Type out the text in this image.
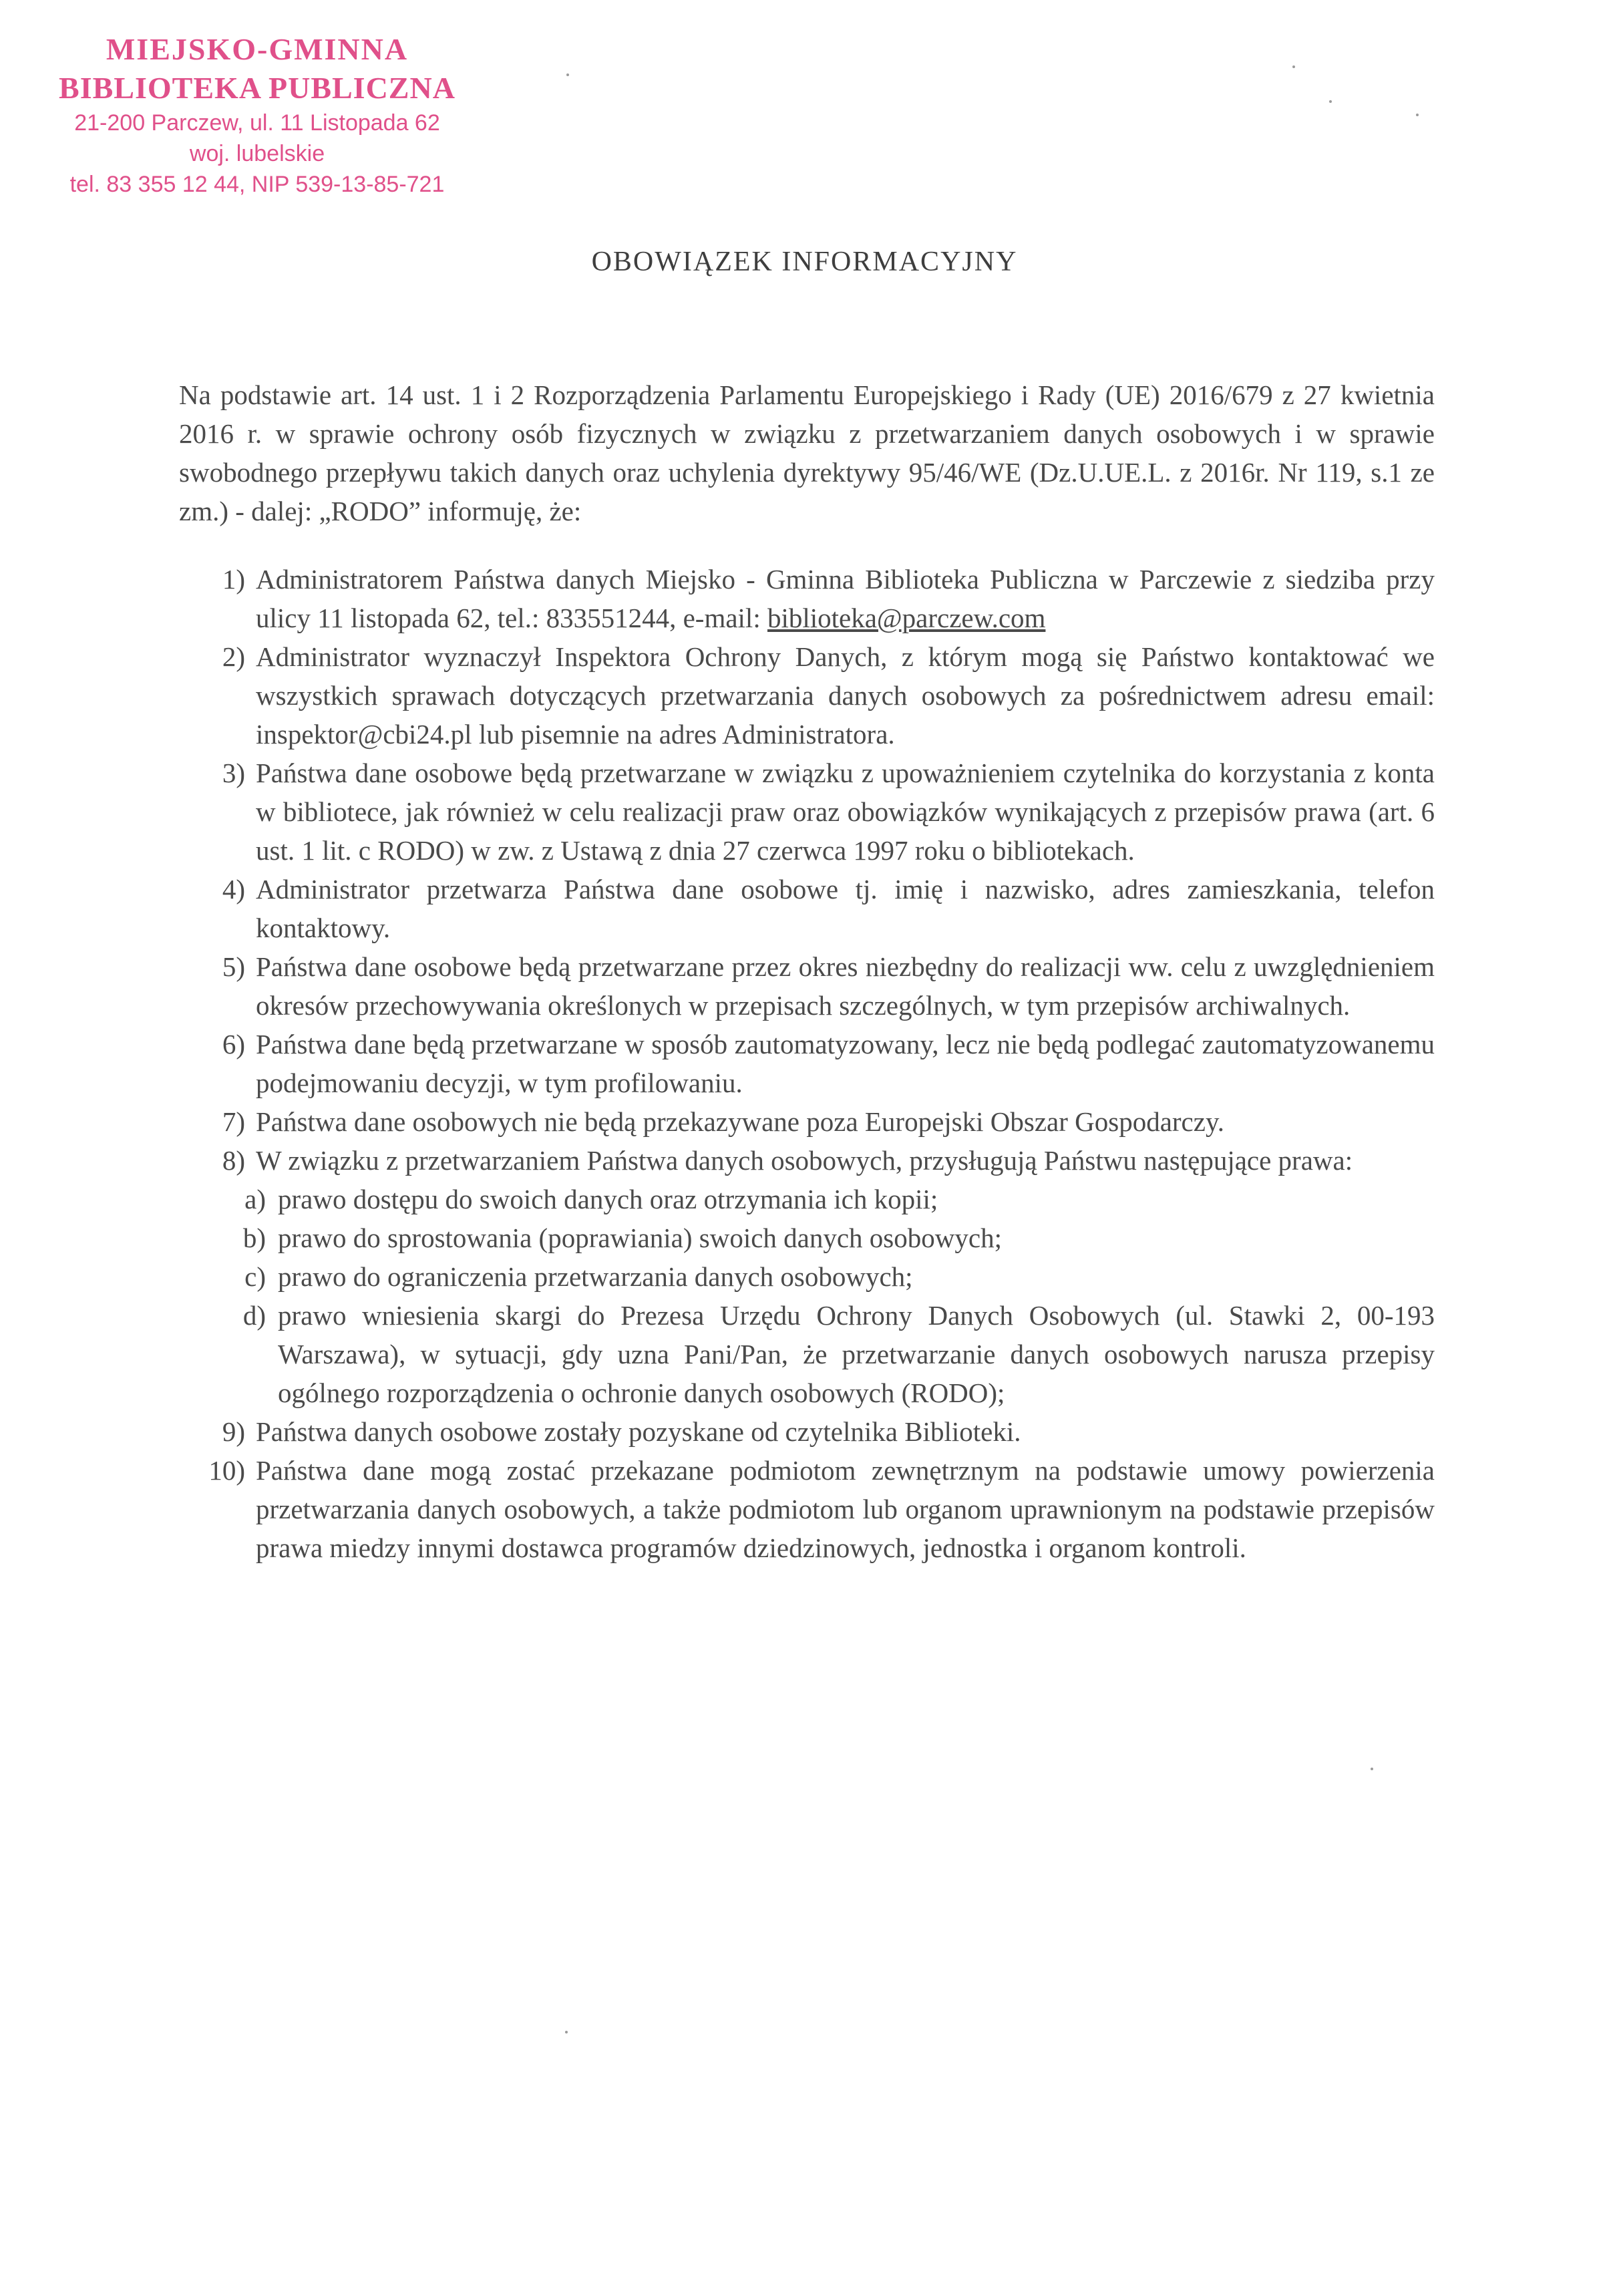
MIEJSKO-GMINNA
BIBLIOTEKA PUBLICZNA
21-200 Parczew, ul. 11 Listopada 62
woj. lubelskie
tel. 83 355 12 44, NIP 539-13-85-721
OBOWIĄZEK INFORMACYJNY
Na podstawie art. 14 ust. 1 i 2 Rozporządzenia Parlamentu Europejskiego i Rady (UE) 2016/679 z 27 kwietnia 2016 r. w sprawie ochrony osób fizycznych w związku z przetwarzaniem danych osobowych i w sprawie swobodnego przepływu takich danych oraz uchylenia dyrektywy 95/46/WE (Dz.U.UE.L. z 2016r. Nr 119, s.1 ze zm.) - dalej: „RODO” informuję, że:
1) Administratorem Państwa danych Miejsko - Gminna Biblioteka Publiczna w Parczewie z siedziba przy ulicy 11 listopada 62, tel.: 833551244, e-mail: biblioteka@parczew.com
2) Administrator wyznaczył Inspektora Ochrony Danych, z którym mogą się Państwo kontaktować we wszystkich sprawach dotyczących przetwarzania danych osobowych za pośrednictwem adresu email: inspektor@cbi24.pl lub pisemnie na adres Administratora.
3) Państwa dane osobowe będą przetwarzane w związku z upoważnieniem czytelnika do korzystania z konta w bibliotece, jak również w celu realizacji praw oraz obowiązków wynikających z przepisów prawa (art. 6 ust. 1 lit. c RODO) w zw. z Ustawą z dnia 27 czerwca 1997 roku o bibliotekach.
4) Administrator przetwarza Państwa dane osobowe tj. imię i nazwisko, adres zamieszkania, telefon kontaktowy.
5) Państwa dane osobowe będą przetwarzane przez okres niezbędny do realizacji ww. celu z uwzględnieniem okresów przechowywania określonych w przepisach szczególnych, w tym przepisów archiwalnych.
6) Państwa dane będą przetwarzane w sposób zautomatyzowany, lecz nie będą podlegać zautomatyzowanemu podejmowaniu decyzji, w tym profilowaniu.
7) Państwa dane osobowych nie będą przekazywane poza Europejski Obszar Gospodarczy.
8) W związku z przetwarzaniem Państwa danych osobowych, przysługują Państwu następujące prawa:
a) prawo dostępu do swoich danych oraz otrzymania ich kopii;
b) prawo do sprostowania (poprawiania) swoich danych osobowych;
c) prawo do ograniczenia przetwarzania danych osobowych;
d) prawo wniesienia skargi do Prezesa Urzędu Ochrony Danych Osobowych (ul. Stawki 2, 00-193 Warszawa), w sytuacji, gdy uzna Pani/Pan, że przetwarzanie danych osobowych narusza przepisy ogólnego rozporządzenia o ochronie danych osobowych (RODO);
9) Państwa danych osobowe zostały pozyskane od czytelnika Biblioteki.
10) Państwa dane mogą zostać przekazane podmiotom zewnętrznym na podstawie umowy powierzenia przetwarzania danych osobowych, a także podmiotom lub organom uprawnionym na podstawie przepisów prawa miedzy innymi dostawca programów dziedzinowych, jednostka i organom kontroli.
